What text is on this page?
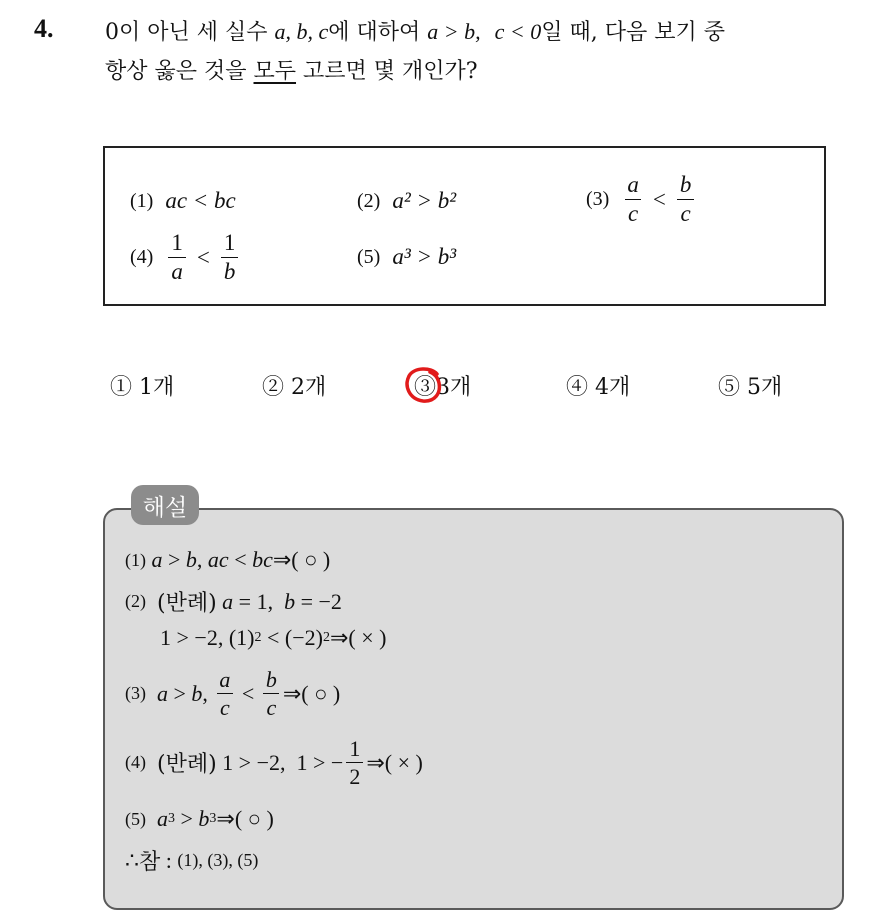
4. 0이 아닌 세 실수 a, b, c에 대하여 a > b, c < 0일 때, 다음 보기 중
항상 옳은 것을 모두 고르면 몇 개인가?
(1) ac < bc	(2) a² > b²	$(3) \frac{a}{c} < \frac{b}{c}$
$(4) \frac{1}{a} < \frac{1}{b}$	(5) a³ > b³
① 1개	② 2개	③3개	④ 4개	⑤ 5개
해설
(1)
a > b , ac < bc ⇒( ○ )
(2)
(반례)
a = 1, b = −2
1 > −2, (1) 2 < (−2) 2 ⇒( × )
(3)
a > b , $\frac{a}{c} < \frac{b}{c}$ ⇒( ○ )
(4)
(반례) 1 > −2,  1 > − $\frac{1}{2}$ ⇒( × )
(5)
a 3 > b 3 ⇒( ○ )
∴ 참 : (1), (3), (5)
